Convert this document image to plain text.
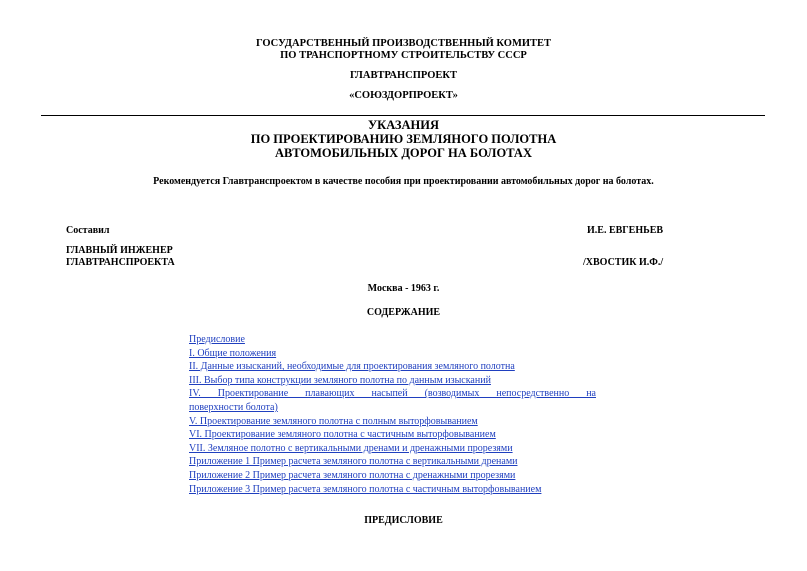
ГОСУДАРСТВЕННЫЙ ПРОИЗВОДСТВЕННЫЙ КОМИТЕТ
ПО ТРАНСПОРТНОМУ СТРОИТЕЛЬСТВУ СССР
ГЛАВТРАНСПРОЕКТ
«СОЮЗДОРПРОЕКТ»
УКАЗАНИЯ
ПО ПРОЕКТИРОВАНИЮ ЗЕМЛЯНОГО ПОЛОТНА
АВТОМОБИЛЬНЫХ ДОРОГ НА БОЛОТАХ
Рекомендуется Главтранспроектом в качестве пособия при проектировании автомобильных дорог на болотах.
Составил	И.Е. ЕВГЕНЬЕВ
ГЛАВНЫЙ ИНЖЕНЕР
ГЛАВТРАНСПРОЕКТА	/ХВОСТИК И.Ф./
Москва - 1963 г.
СОДЕРЖАНИЕ
Предисловие
I. Общие положения
II. Данные изысканий, необходимые для проектирования земляного полотна
III. Выбор типа конструкции земляного полотна по данным изысканий
IV. Проектирование плавающих насыпей (возводимых непосредственно на
поверхности болота)
V. Проектирование земляного полотна с полным выторфовыванием
VI. Проектирование земляного полотна с частичным выторфовыванием
VII. Земляное полотно с вертикальными дренами и дренажными прорезями
Приложение 1 Пример расчета земляного полотна с вертикальными дренами
Приложение 2 Пример расчета земляного полотна с дренажными прорезями
Приложение 3 Пример расчета земляного полотна с частичным выторфовыванием
ПРЕДИСЛОВИЕ
